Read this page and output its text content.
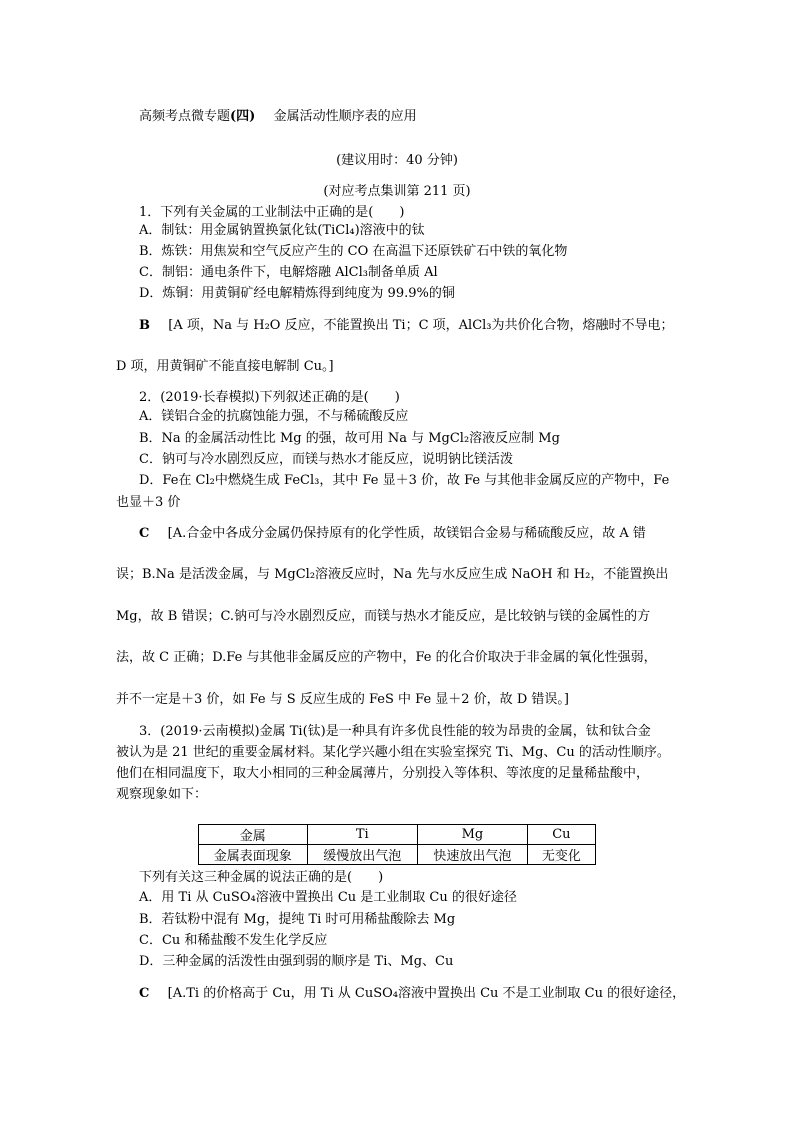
高频考点微专题(四) 金属活动性顺序表的应用
(建议用时：40 分钟)
(对应考点集训第 211 页)
1．下列有关金属的工业制法中正确的是(　　)
A．制钛：用金属钠置换氯化钛(TiCl₄)溶液中的钛
B．炼铁：用焦炭和空气反应产生的 CO 在高温下还原铁矿石中铁的氧化物
C．制铝：通电条件下，电解熔融 AlCl₃制备单质 Al
D．炼铜：用黄铜矿经电解精炼得到纯度为 99.9%的铜
B [A 项，Na 与 H₂O 反应，不能置换出 Ti；C 项，AlCl₃为共价化合物，熔融时不导电；
D 项，用黄铜矿不能直接电解制 Cu。]
2．(2019·长春模拟)下列叙述正确的是(　　)
A．镁铝合金的抗腐蚀能力强，不与稀硫酸反应
B．Na 的金属活动性比 Mg 的强，故可用 Na 与 MgCl₂溶液反应制 Mg
C．钠可与冷水剧烈反应，而镁与热水才能反应，说明钠比镁活泼
D．Fe在 Cl₂中燃烧生成 FeCl₃，其中 Fe 显＋3 价，故 Fe 与其他非金属反应的产物中，Fe
也显＋3 价
C [A.合金中各成分金属仍保持原有的化学性质，故镁铝合金易与稀硫酸反应，故 A 错
误；B.Na 是活泼金属，与 MgCl₂溶液反应时，Na 先与水反应生成 NaOH 和 H₂，不能置换出
Mg，故 B 错误；C.钠可与冷水剧烈反应，而镁与热水才能反应，是比较钠与镁的金属性的方
法，故 C 正确；D.Fe 与其他非金属反应的产物中，Fe 的化合价取决于非金属的氧化性强弱，
并不一定是＋3 价，如 Fe 与 S 反应生成的 FeS 中 Fe 显＋2 价，故 D 错误。]
3．(2019·云南模拟)金属 Ti(钛)是一种具有许多优良性能的较为昂贵的金属，钛和钛合金
被认为是 21 世纪的重要金属材料。某化学兴趣小组在实验室探究 Ti、Mg、Cu 的活动性顺序。
他们在相同温度下，取大小相同的三种金属薄片，分别投入等体积、等浓度的足量稀盐酸中，
观察现象如下：
金属	Ti	Mg	Cu
金属表面现象	缓慢放出气泡	快速放出气泡	无变化
下列有关这三种金属的说法正确的是(　　)
A．用 Ti 从 CuSO₄溶液中置换出 Cu 是工业制取 Cu 的很好途径
B．若钛粉中混有 Mg，提纯 Ti 时可用稀盐酸除去 Mg
C．Cu 和稀盐酸不发生化学反应
D．三种金属的活泼性由强到弱的顺序是 Ti、Mg、Cu
C [A.Ti 的价格高于 Cu，用 Ti 从 CuSO₄溶液中置换出 Cu 不是工业制取 Cu 的很好途径，
